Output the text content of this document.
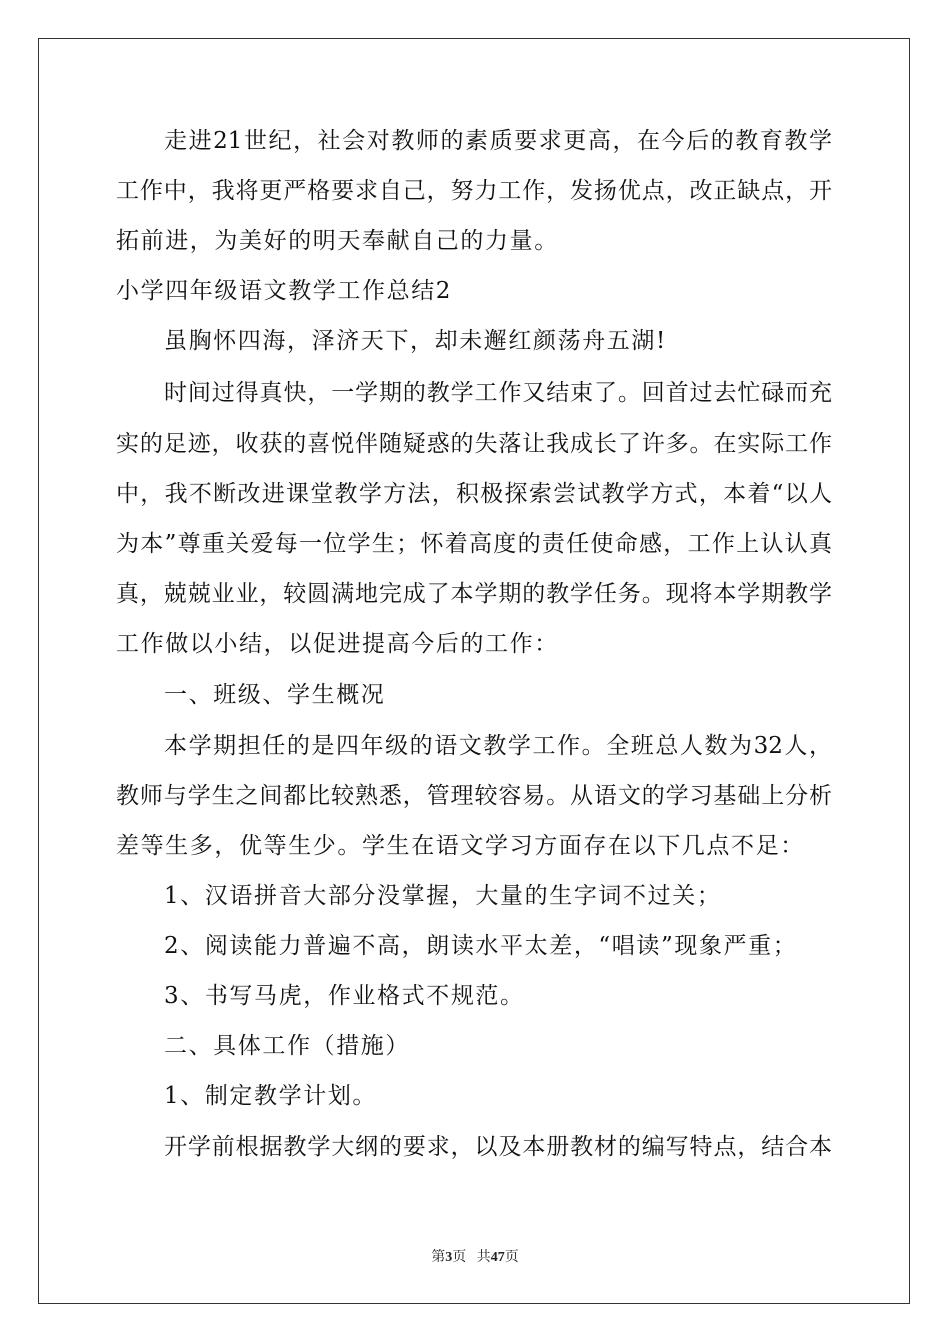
走进21世纪，社会对教师的素质要求更高，在今后的教育教学
工作中，我将更严格要求自己，努力工作，发扬优点，改正缺点，开
拓前进，为美好的明天奉献自己的力量。
小学四年级语文教学工作总结2
虽胸怀四海，泽济天下，却未邂红颜荡舟五湖!
时间过得真快，一学期的教学工作又结束了。回首过去忙碌而充
实的足迹，收获的喜悦伴随疑惑的失落让我成长了许多。在实际工作
中，我不断改进课堂教学方法，积极探索尝试教学方式，本着“以人
为本”尊重关爱每一位学生；怀着高度的责任使命感，工作上认认真
真，兢兢业业，较圆满地完成了本学期的教学任务。现将本学期教学
工作做以小结，以促进提高今后的工作：
一、班级、学生概况
本学期担任的是四年级的语文教学工作。全班总人数为32人，
教师与学生之间都比较熟悉，管理较容易。从语文的学习基础上分析
差等生多，优等生少。学生在语文学习方面存在以下几点不足：
1、汉语拼音大部分没掌握，大量的生字词不过关；
2、阅读能力普遍不高，朗读水平太差，“唱读”现象严重；
3、书写马虎，作业格式不规范。
二、具体工作（措施）
1、制定教学计划。
开学前根据教学大纲的要求，以及本册教材的编写特点，结合本
第3页   共47页
